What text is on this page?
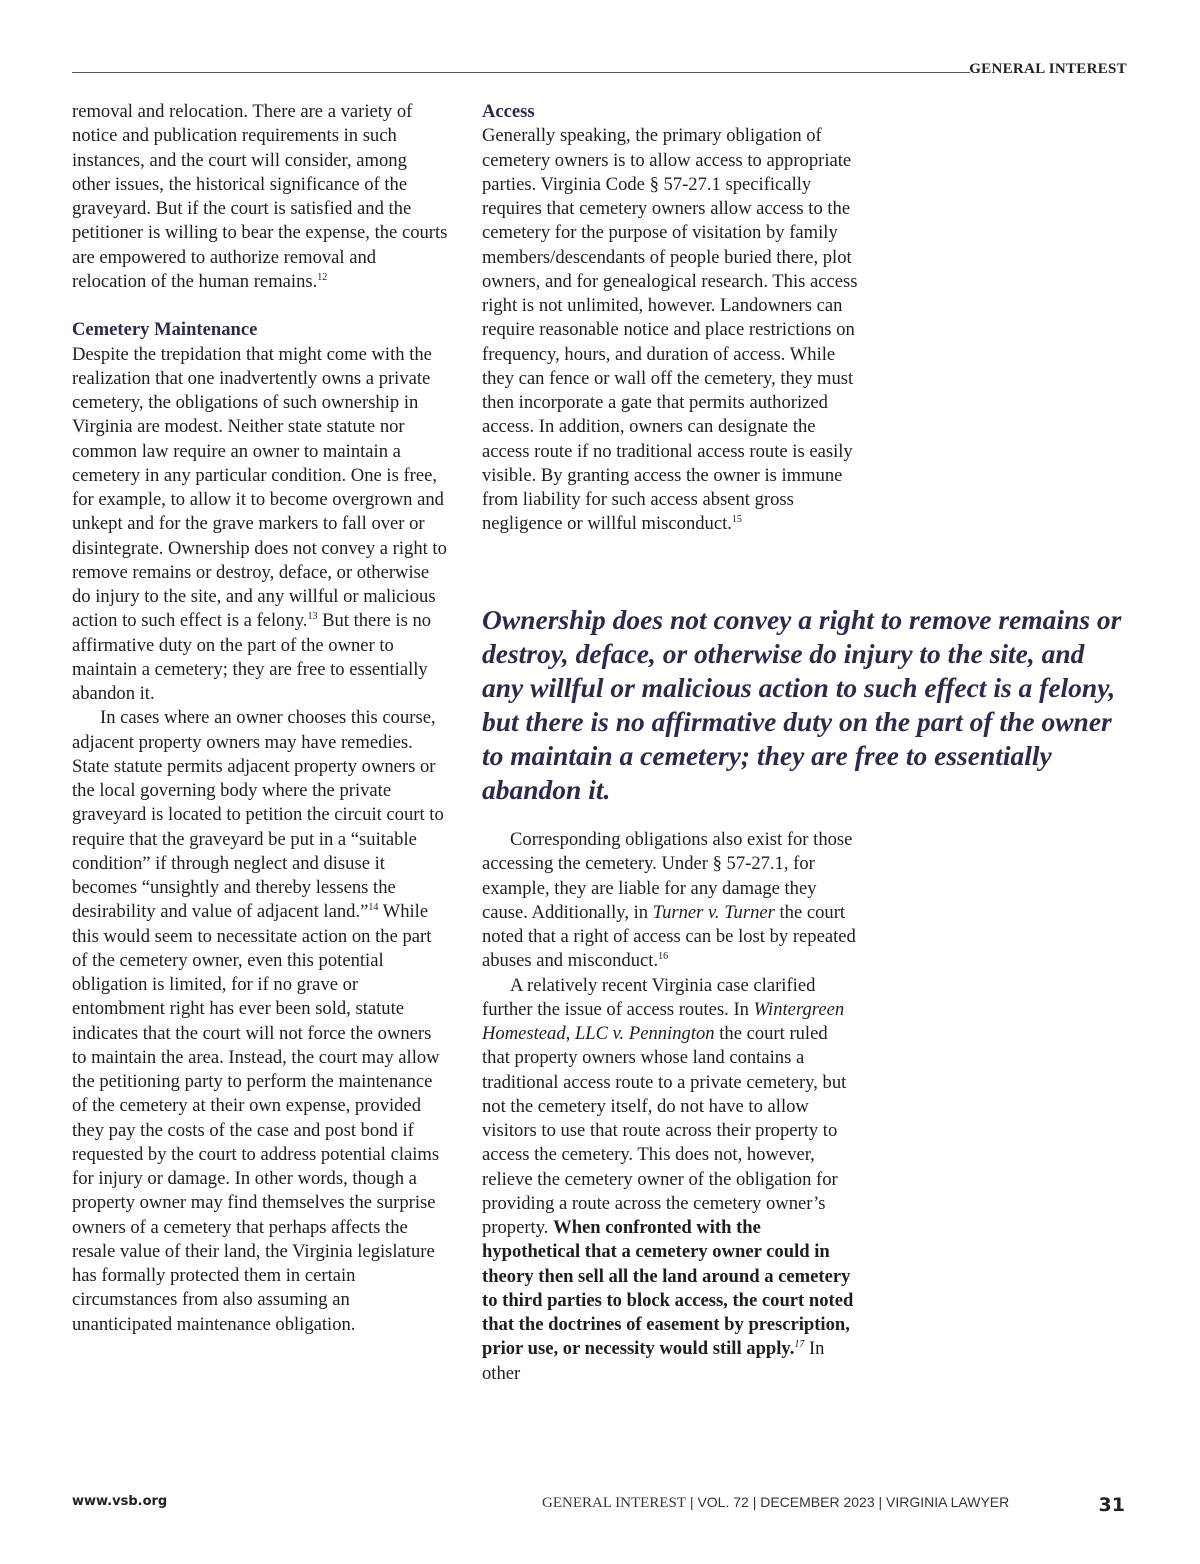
GENERAL INTEREST

removal and relocation. There are a variety of notice and publication requirements in such instances, and the court will consider, among other issues, the historical significance of the graveyard. But if the court is satisfied and the petitioner is willing to bear the expense, the courts are empowered to authorize removal and relocation of the human remains.$^{12}$

Cemetery Maintenance

Despite the trepidation that might come with the realization that one inadvertently owns a private cemetery, the obligations of such ownership in Virginia are modest. Neither state statute nor common law require an owner to maintain a cemetery in any particular condition. One is free, for example, to allow it to become overgrown and unkept and for the grave markers to fall over or disintegrate. Ownership does not convey a right to remove remains or destroy, deface, or otherwise do injury to the site, and any willful or malicious action to such effect is a felony.$^{13}$ But there is no affirmative duty on the part of the owner to maintain a cemetery; they are free to essentially abandon it.

In cases where an owner chooses this course, adjacent property owners may have remedies. State statute permits adjacent property owners or the local governing body where the private graveyard is located to petition the circuit court to require that the graveyard be put in a “suitable condition” if through neglect and disuse it becomes “unsightly and thereby lessens the desirability and value of adjacent land.”$^{14}$ While this would seem to necessitate action on the part of the cemetery owner, even this potential obligation is limited, for if no grave or entombment right has ever been sold, statute indicates that the court will not force the owners to maintain the area. Instead, the court may allow the petitioning party to perform the maintenance of the cemetery at their own expense, provided they pay the costs of the case and post bond if requested by the court to address potential claims for injury or damage. In other words, though a property owner may find themselves the surprise owners of a cemetery that perhaps affects the resale value of their land, the Virginia legislature has formally protected them in certain circumstances from also assuming an unanticipated maintenance obligation.

Access

Generally speaking, the primary obligation of cemetery owners is to allow access to appropriate parties. Virginia Code § 57-27.1 specifically requires that cemetery owners allow access to the cemetery for the purpose of visitation by family members/descendants of people buried there, plot owners, and for genealogical research. This access right is not unlimited, however. Landowners can require reasonable notice and place restrictions on frequency, hours, and duration of access. While they can fence or wall off the cemetery, they must then incorporate a gate that permits authorized access. In addition, owners can designate the access route if no traditional access route is easily visible. By granting access the owner is immune from liability for such access absent gross negligence or willful misconduct.$^{15}$

Ownership does not convey a right to remove remains or destroy, deface, or otherwise do injury to the site, and any willful or malicious action to such effect is a felony, but there is no affirmative duty on the part of the owner to maintain a cemetery; they are free to essentially abandon it.

Corresponding obligations also exist for those accessing the cemetery. Under § 57-27.1, for example, they are liable for any damage they cause. Additionally, in Turner v. Turner the court noted that a right of access can be lost by repeated abuses and misconduct.$^{16}$

A relatively recent Virginia case clarified further the issue of access routes. In Wintergreen Homestead, LLC v. Pennington the court ruled that property owners whose land contains a traditional access route to a private cemetery, but not the cemetery itself, do not have to allow visitors to use that route across their property to access the cemetery. This does not, however, relieve the cemetery owner of the obligation for providing a route across the cemetery owner’s property. When confronted with the hypothetical that a cemetery owner could in theory then sell all the land around a cemetery to third parties to block access, the court noted that the doctrines of easement by prescription, prior use, or necessity would still apply.$^{17}$ In other

www.vsb.org	GENERAL INTEREST | VOL. 72 | DECEMBER 2023 | VIRGINIA LAWYER	31
